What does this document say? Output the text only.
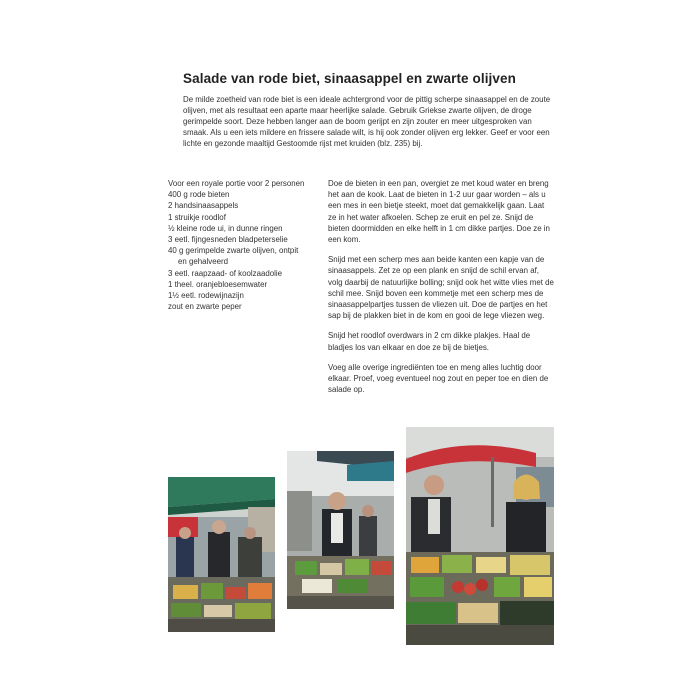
Salade van rode biet, sinaasappel en zwarte olijven

De milde zoetheid van rode biet is een ideale achtergrond voor de pittig scherpe sinaasappel en de zoute olijven, met als resultaat een aparte maar heerlijke salade. Gebruik Griekse zwarte olijven, de droge gerimpelde soort. Deze hebben langer aan de boom gerijpt en zijn zouter en meer uitgesproken van smaak. Als u een iets mildere en frissere salade wilt, is hij ook zonder olijven erg lekker. Geef er voor een lichte en gezonde maaltijd Gestoomde rijst met kruiden (blz. 235) bij.

Voor een royale portie voor 2 personen
400 g rode bieten
2 handsinaasappels
1 struikje roodlof
½ kleine rode ui, in dunne ringen
3 eetl. fijngesneden bladpeterselie
40 g gerimpelde zwarte olijven, ontpit
en gehalveerd
3 eetl. raapzaad- of koolzaadolie
1 theel. oranjebloesemwater
1½ eetl. rodewijnazijn
zout en zwarte peper

Doe de bieten in een pan, overgiet ze met koud water en breng het aan de kook. Laat de bieten in 1-2 uur gaar worden – als u een mes in een bietje steekt, moet dat gemakkelijk gaan. Laat ze in het water afkoelen. Schep ze eruit en pel ze. Snijd de bieten doormidden en elke helft in 1 cm dikke partjes. Doe ze in een kom.

Snijd met een scherp mes aan beide kanten een kapje van de sinaasappels. Zet ze op een plank en snijd de schil ervan af, volg daarbij de natuurlijke bolling; snijd ook het witte vlies met de schil mee. Snijd boven een kommetje met een scherp mes de sinaasappelpartjes tussen de vliezen uit. Doe de partjes en het sap bij de plakken biet in de kom en gooi de lege vliezen weg.

Snijd het roodlof overdwars in 2 cm dikke plakjes. Haal de bladjes los van elkaar en doe ze bij de bietjes.

Voeg alle overige ingrediënten toe en meng alles luchtig door elkaar. Proef, voeg eventueel nog zout en peper toe en dien de salade op.
